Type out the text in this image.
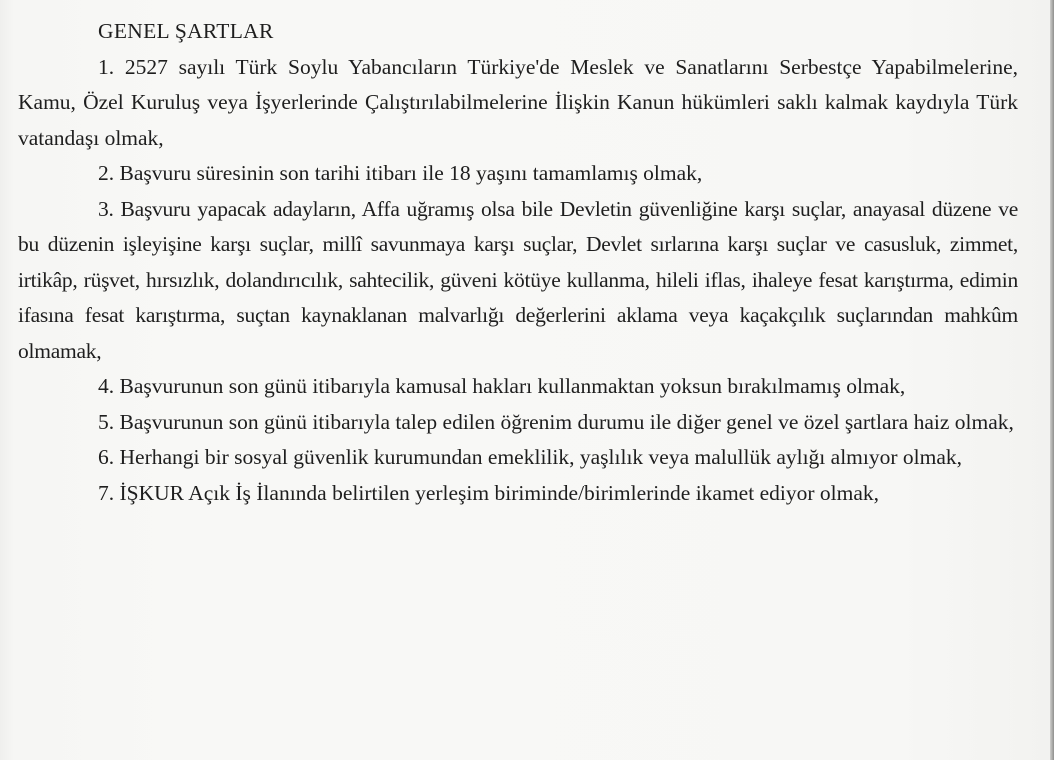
GENEL ŞARTLAR

1. 2527 sayılı Türk Soylu Yabancıların Türkiye'de Meslek ve Sanatlarını Serbestçe Yapabilmelerine, Kamu, Özel Kuruluş veya İşyerlerinde Çalıştırılabilmelerine İlişkin Kanun hükümleri saklı kalmak kaydıyla Türk vatandaşı olmak,

2. Başvuru süresinin son tarihi itibarı ile 18 yaşını tamamlamış olmak,

3. Başvuru yapacak adayların, Affa uğramış olsa bile Devletin güvenliğine karşı suçlar, anayasal düzene ve bu düzenin işleyişine karşı suçlar, millî savunmaya karşı suçlar, Devlet sırlarına karşı suçlar ve casusluk, zimmet, irtikâp, rüşvet, hırsızlık, dolandırıcılık, sahtecilik, güveni kötüye kullanma, hileli iflas, ihaleye fesat karıştırma, edimin ifasına fesat karıştırma, suçtan kaynaklanan malvarlığı değerlerini aklama veya kaçakçılık suçlarından mahkûm olmamak,

4. Başvurunun son günü itibarıyla kamusal hakları kullanmaktan yoksun bırakılmamış olmak,

5. Başvurunun son günü itibarıyla talep edilen öğrenim durumu ile diğer genel ve özel şartlara haiz olmak,

6. Herhangi bir sosyal güvenlik kurumundan emeklilik, yaşlılık veya malullük aylığı almıyor olmak,

7. İŞKUR Açık İş İlanında belirtilen yerleşim biriminde/birimlerinde ikamet ediyor olmak,
